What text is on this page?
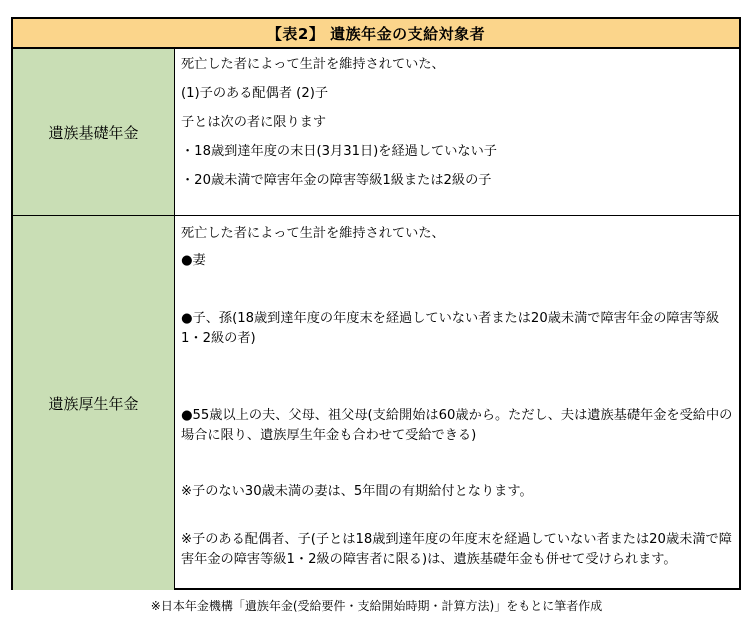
【表2】 遺族年金の支給対象者
遺族基礎年金
死亡した者によって生計を維持されていた、
(1)子のある配偶者 (2)子
子とは次の者に限ります
・18歳到達年度の末日(3月31日)を経過していない子
・20歳未満で障害年金の障害等級1級または2級の子
遺族厚生年金
死亡した者によって生計を維持されていた、
●妻
●子、孫(18歳到達年度の年度末を経過していない者または20歳未満で障害年金の障害等級1・2級の者)
●55歳以上の夫、父母、祖父母(支給開始は60歳から。ただし、夫は遺族基礎年金を受給中の場合に限り、遺族厚生年金も合わせて受給できる)
※子のない30歳未満の妻は、5年間の有期給付となります。
※子のある配偶者、子(子とは18歳到達年度の年度末を経過していない者または20歳未満で障害年金の障害等級1・2級の障害者に限る)は、遺族基礎年金も併せて受けられます。
※日本年金機構「遺族年金(受給要件・支給開始時期・計算方法)」をもとに筆者作成
